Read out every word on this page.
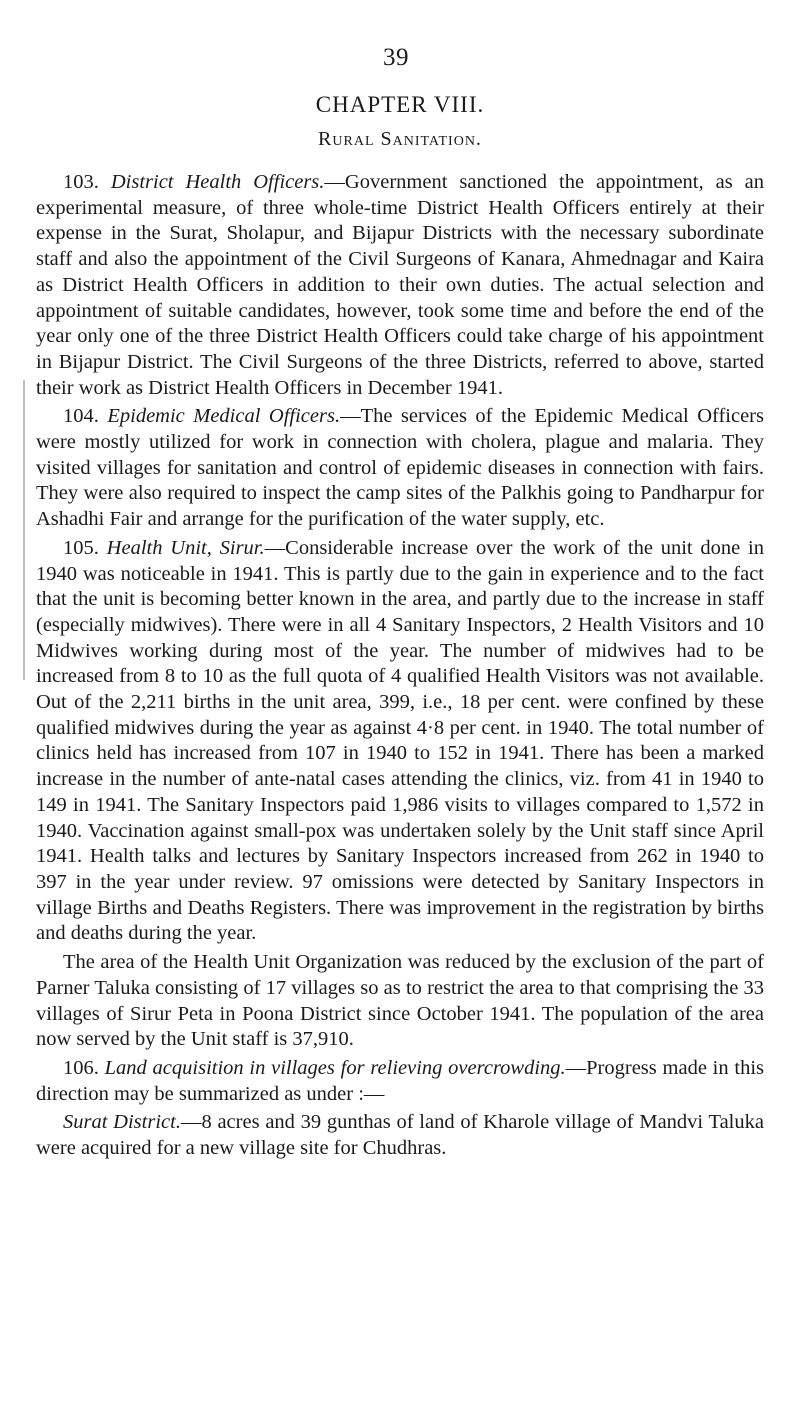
39
CHAPTER VIII.
Rural Sanitation.

103. District Health Officers.—Government sanctioned the appointment, as an experimental measure, of three whole-time District Health Officers entirely at their expense in the Surat, Sholapur, and Bijapur Districts with the necessary subordinate staff and also the appointment of the Civil Surgeons of Kanara, Ahmednagar and Kaira as District Health Officers in addition to their own duties. The actual selection and appointment of suitable candidates, however, took some time and before the end of the year only one of the three District Health Officers could take charge of his appointment in Bijapur District. The Civil Surgeons of the three Districts, referred to above, started their work as District Health Officers in December 1941.

104. Epidemic Medical Officers.—The services of the Epidemic Medical Officers were mostly utilized for work in connection with cholera, plague and malaria. They visited villages for sanitation and control of epidemic diseases in connection with fairs. They were also required to inspect the camp sites of the Palkhis going to Pandharpur for Ashadhi Fair and arrange for the purification of the water supply, etc.

105. Health Unit, Sirur.—Considerable increase over the work of the unit done in 1940 was noticeable in 1941. This is partly due to the gain in experience and to the fact that the unit is becoming better known in the area, and partly due to the increase in staff (especially midwives). There were in all 4 Sanitary Inspectors, 2 Health Visitors and 10 Midwives working during most of the year. The number of midwives had to be increased from 8 to 10 as the full quota of 4 qualified Health Visitors was not available. Out of the 2,211 births in the unit area, 399, i.e., 18 per cent. were confined by these qualified midwives during the year as against 4·8 per cent. in 1940. The total number of clinics held has increased from 107 in 1940 to 152 in 1941. There has been a marked increase in the number of ante-natal cases attending the clinics, viz. from 41 in 1940 to 149 in 1941. The Sanitary Inspectors paid 1,986 visits to villages compared to 1,572 in 1940. Vaccination against small-pox was undertaken solely by the Unit staff since April 1941. Health talks and lectures by Sanitary Inspectors increased from 262 in 1940 to 397 in the year under review. 97 omissions were detected by Sanitary Inspectors in village Births and Deaths Registers. There was improvement in the registration by births and deaths during the year.

The area of the Health Unit Organization was reduced by the exclusion of the part of Parner Taluka consisting of 17 villages so as to restrict the area to that comprising the 33 villages of Sirur Peta in Poona District since October 1941. The population of the area now served by the Unit staff is 37,910.

106. Land acquisition in villages for relieving overcrowding.—Progress made in this direction may be summarized as under :—

Surat District.—8 acres and 39 gunthas of land of Kharole village of Mandvi Taluka were acquired for a new village site for Chudhras.
